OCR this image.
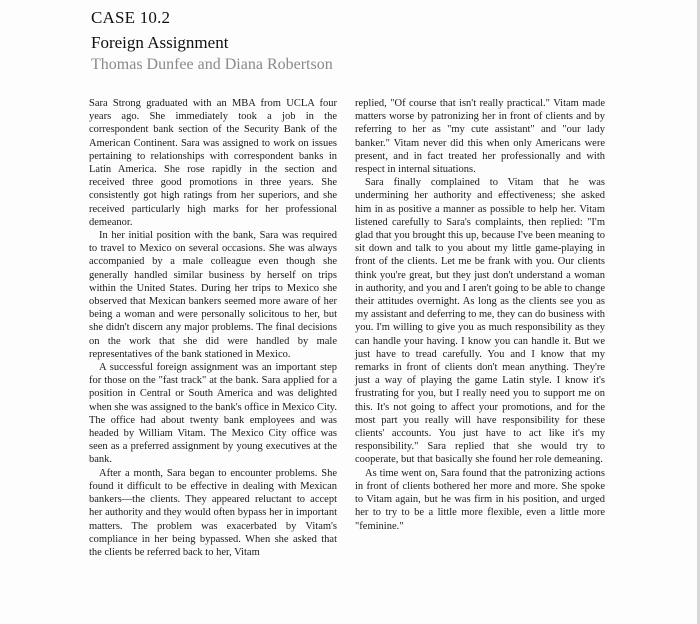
CASE 10.2
Foreign Assignment
Thomas Dunfee and Diana Robertson

Sara Strong graduated with an MBA from UCLA four years ago. She immediately took a job in the correspondent bank section of the Security Bank of the American Continent. Sara was assigned to work on issues pertaining to relationships with correspondent banks in Latin America. She rose rapidly in the section and received three good promotions in three years. She consistently got high ratings from her superiors, and she received particularly high marks for her professional demeanor.

In her initial position with the bank, Sara was required to travel to Mexico on several occasions. She was always accompanied by a male colleague even though she generally handled similar business by herself on trips within the United States. During her trips to Mexico she observed that Mexican bankers seemed more aware of her being a woman and were personally solicitous to her, but she didn't discern any major problems. The final decisions on the work that she did were handled by male representatives of the bank stationed in Mexico.

A successful foreign assignment was an important step for those on the "fast track" at the bank. Sara applied for a position in Central or South America and was delighted when she was assigned to the bank's office in Mexico City. The office had about twenty bank employees and was headed by William Vitam. The Mexico City office was seen as a preferred assignment by young executives at the bank.

After a month, Sara began to encounter problems. She found it difficult to be effective in dealing with Mexican bankers—the clients. They appeared reluctant to accept her authority and they would often bypass her in important matters. The problem was exacerbated by Vitam's compliance in her being bypassed. When she asked that the clients be referred back to her, Vitam

replied, "Of course that isn't really practical." Vitam made matters worse by patronizing her in front of clients and by referring to her as "my cute assistant" and "our lady banker." Vitam never did this when only Americans were present, and in fact treated her professionally and with respect in internal situations.

Sara finally complained to Vitam that he was undermining her authority and effectiveness; she asked him in as positive a manner as possible to help her. Vitam listened carefully to Sara's complaints, then replied: "I'm glad that you brought this up, because I've been meaning to sit down and talk to you about my little game-playing in front of the clients. Let me be frank with you. Our clients think you're great, but they just don't understand a woman in authority, and you and I aren't going to be able to change their attitudes overnight. As long as the clients see you as my assistant and deferring to me, they can do business with you. I'm willing to give you as much responsibility as they can handle your having. I know you can handle it. But we just have to tread carefully. You and I know that my remarks in front of clients don't mean anything. They're just a way of playing the game Latin style. I know it's frustrating for you, but I really need you to support me on this. It's not going to affect your promotions, and for the most part you really will have responsibility for these clients' accounts. You just have to act like it's my responsibility." Sara replied that she would try to cooperate, but that basically she found her role demeaning.

As time went on, Sara found that the patronizing actions in front of clients bothered her more and more. She spoke to Vitam again, but he was firm in his position, and urged her to try to be a little more flexible, even a little more "feminine."
